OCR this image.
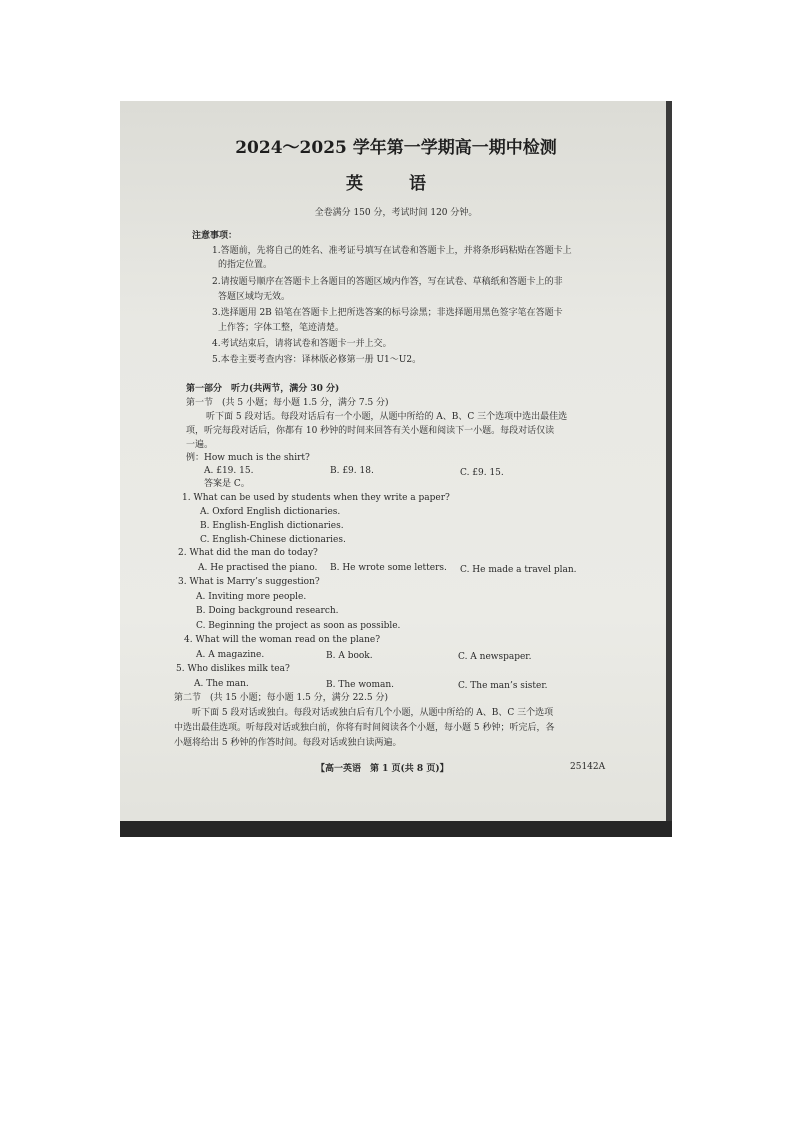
2024～2025 学年第一学期高一期中检测
英 语
全卷满分 150 分，考试时间 120 分钟。
注意事项：
1.答题前，先将自己的姓名、准考证号填写在试卷和答题卡上，并将条形码粘贴在答题卡上
的指定位置。
2.请按题号顺序在答题卡上各题目的答题区域内作答，写在试卷、草稿纸和答题卡上的非
答题区域均无效。
3.选择题用 2B 铅笔在答题卡上把所选答案的标号涂黑；非选择题用黑色签字笔在答题卡
上作答；字体工整，笔迹清楚。
4.考试结束后，请将试卷和答题卡一并上交。
5.本卷主要考查内容：译林版必修第一册 U1～U2。
第一部分　听力(共两节，满分 30 分)
第一节　(共 5 小题；每小题 1.5 分，满分 7.5 分)
听下面 5 段对话。每段对话后有一个小题，从题中所给的 A、B、C 三个选项中选出最佳选
项，听完每段对话后，你都有 10 秒钟的时间来回答有关小题和阅读下一小题。每段对话仅读
一遍。
例：How much is the shirt?
A. £19. 15.	B. £9. 18.	C. £9. 15.
答案是 C。
1. What can be used by students when they write a paper?
A. Oxford English dictionaries.
B. English-English dictionaries.
C. English-Chinese dictionaries.
2. What did the man do today?
A. He practised the piano. B. He wrote some letters. C. He made a travel plan.
3. What is Marry’s suggestion?
A. Inviting more people.
B. Doing background research.
C. Beginning the project as soon as possible.
4. What will the woman read on the plane?
A. A magazine.	B. A book.	C. A newspaper.
5. Who dislikes milk tea?
A. The man.	B. The woman.	C. The man’s sister.
第二节　(共 15 小题；每小题 1.5 分，满分 22.5 分)
听下面 5 段对话或独白。每段对话或独白后有几个小题，从题中所给的 A、B、C 三个选项
中选出最佳选项。听每段对话或独白前，你将有时间阅读各个小题，每小题 5 秒钟；听完后，各
小题将给出 5 秒钟的作答时间。每段对话或独白读两遍。
【高一英语　第 1 页(共 8 页)】	25142A
